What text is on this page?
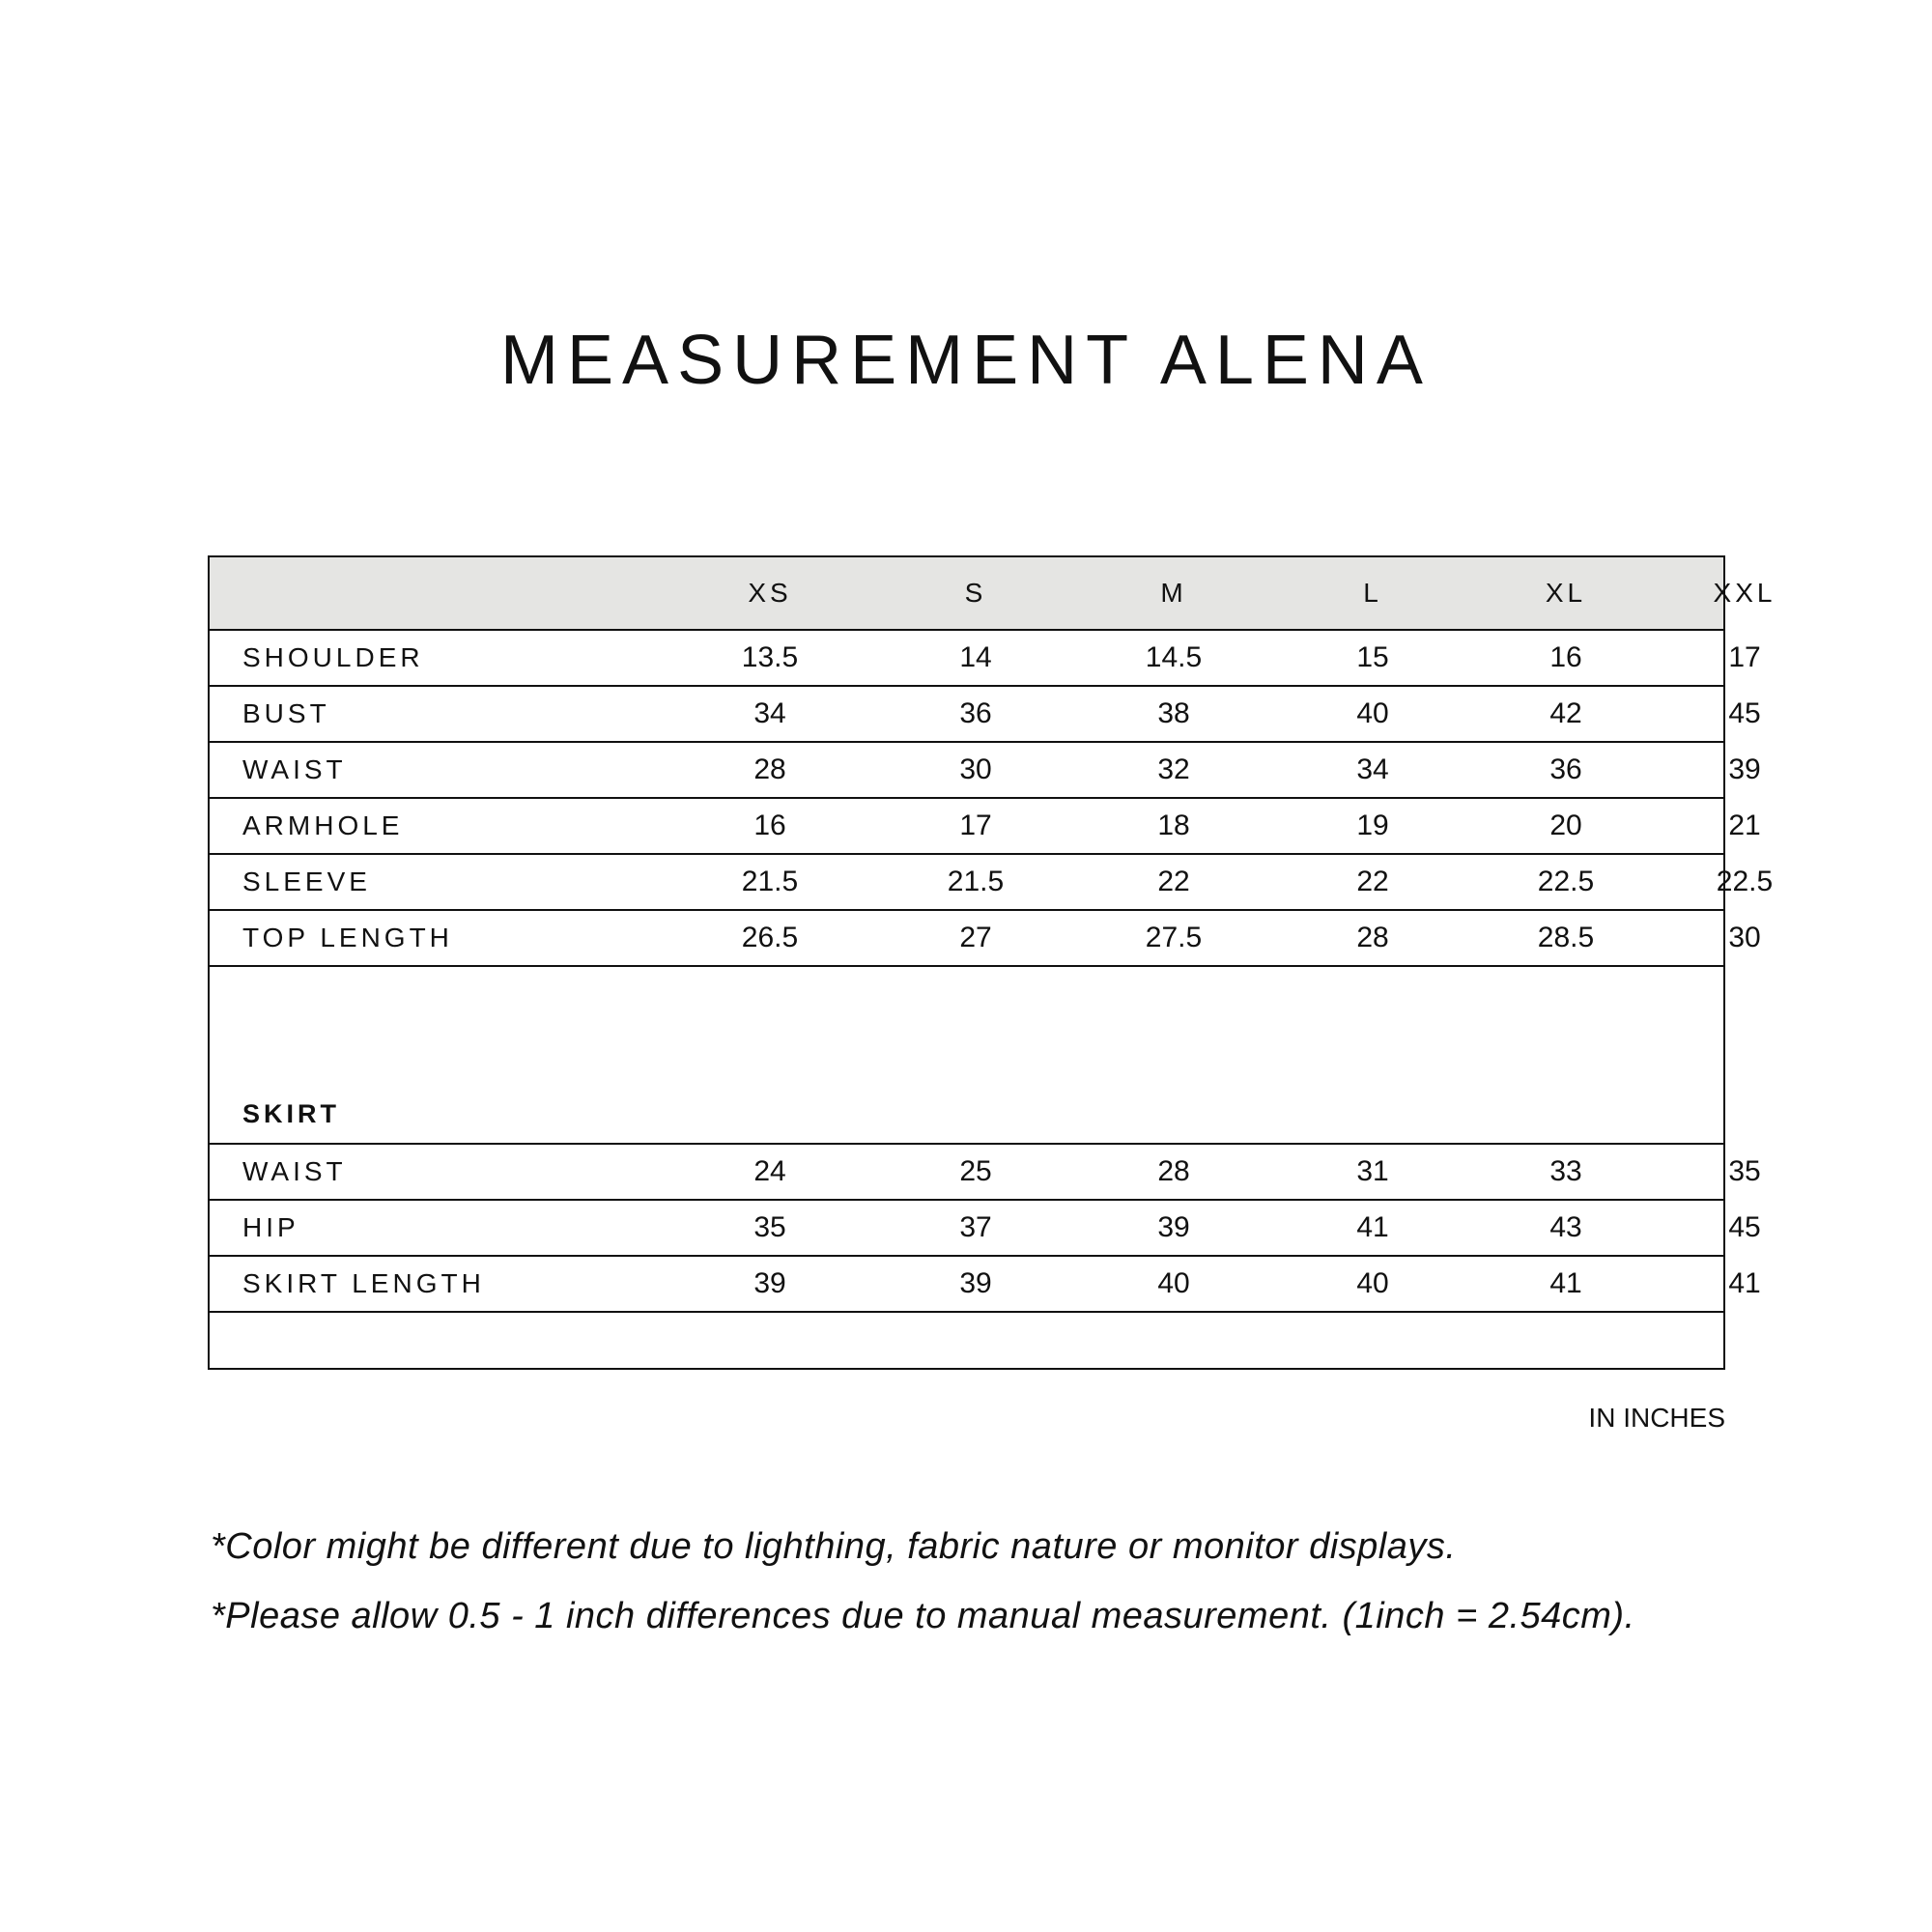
MEASUREMENT ALENA
XS	S	M	L	XL	XXL
SHOULDER	13.5	14	14.5	15	16	17
BUST	34	36	38	40	42	45
WAIST	28	30	32	34	36	39
ARMHOLE	16	17	18	19	20	21
SLEEVE	21.5	21.5	22	22	22.5	22.5
TOP LENGTH	26.5	27	27.5	28	28.5	30
SKIRT
WAIST	24	25	28	31	33	35
HIP	35	37	39	41	43	45
SKIRT LENGTH	39	39	40	40	41	41
IN INCHES
*Color might be different due to lighthing, fabric nature or monitor displays.
*Please allow 0.5 - 1 inch differences due to manual measurement. (1inch = 2.54cm).
